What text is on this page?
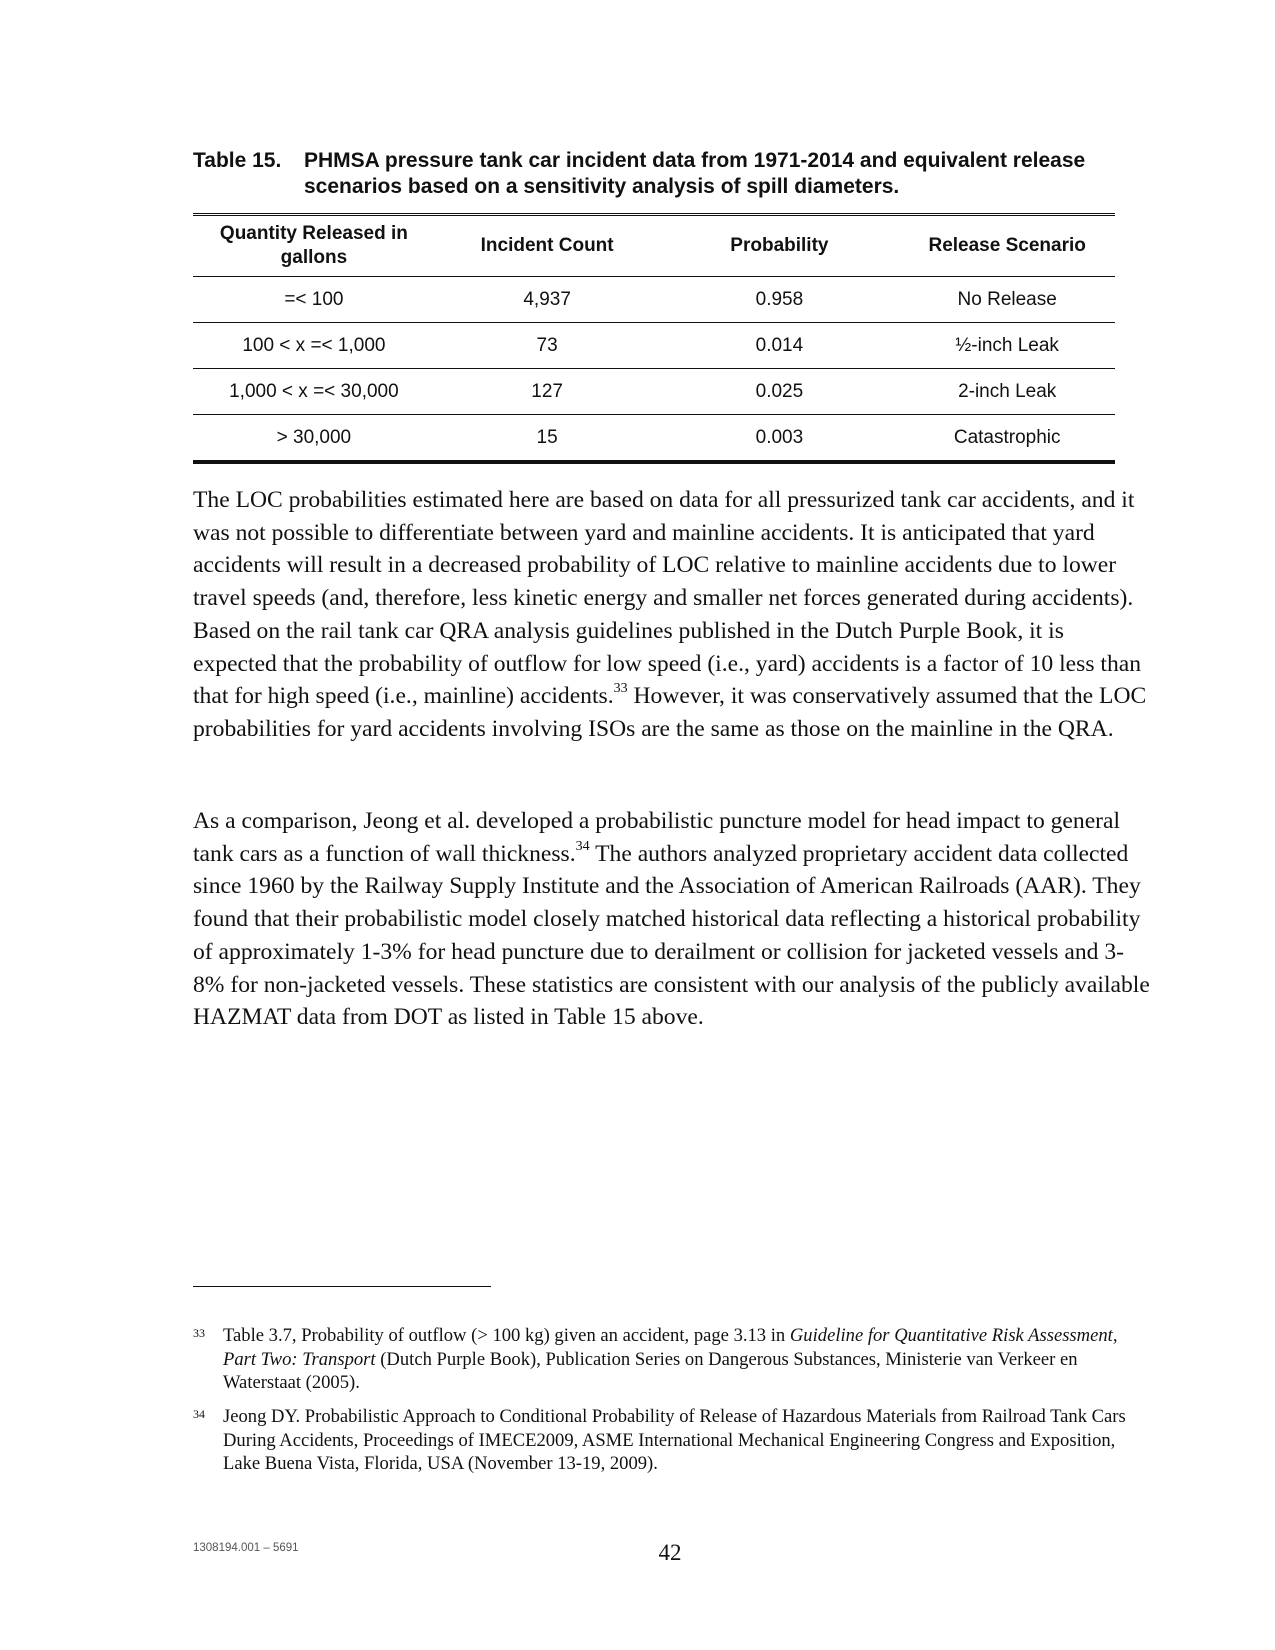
Table 15.	PHMSA pressure tank car incident data from 1971-2014 and equivalent release scenarios based on a sensitivity analysis of spill diameters.
Quantity Released in gallons	Incident Count	Probability	Release Scenario
=< 100	4,937	0.958	No Release
100 < x =< 1,000	73	0.014	½-inch Leak
1,000 < x =< 30,000	127	0.025	2-inch Leak
> 30,000	15	0.003	Catastrophic

The LOC probabilities estimated here are based on data for all pressurized tank car accidents, and it was not possible to differentiate between yard and mainline accidents. It is anticipated that yard accidents will result in a decreased probability of LOC relative to mainline accidents due to lower travel speeds (and, therefore, less kinetic energy and smaller net forces generated during accidents). Based on the rail tank car QRA analysis guidelines published in the Dutch Purple Book, it is expected that the probability of outflow for low speed (i.e., yard) accidents is a factor of 10 less than that for high speed (i.e., mainline) accidents.$^{33}$ However, it was conservatively assumed that the LOC probabilities for yard accidents involving ISOs are the same as those on the mainline in the QRA.

As a comparison, Jeong et al. developed a probabilistic puncture model for head impact to general tank cars as a function of wall thickness.$^{34}$ The authors analyzed proprietary accident data collected since 1960 by the Railway Supply Institute and the Association of American Railroads (AAR). They found that their probabilistic model closely matched historical data reflecting a historical probability of approximately 1-3% for head puncture due to derailment or collision for jacketed vessels and 3-8% for non-jacketed vessels. These statistics are consistent with our analysis of the publicly available HAZMAT data from DOT as listed in Table 15 above.

33 Table 3.7, Probability of outflow (> 100 kg) given an accident, page 3.13 in Guideline for Quantitative Risk Assessment, Part Two: Transport (Dutch Purple Book), Publication Series on Dangerous Substances, Ministerie van Verkeer en Waterstaat (2005).
34 Jeong DY. Probabilistic Approach to Conditional Probability of Release of Hazardous Materials from Railroad Tank Cars During Accidents, Proceedings of IMECE2009, ASME International Mechanical Engineering Congress and Exposition, Lake Buena Vista, Florida, USA (November 13-19, 2009).
1308194.001 – 5691	42
